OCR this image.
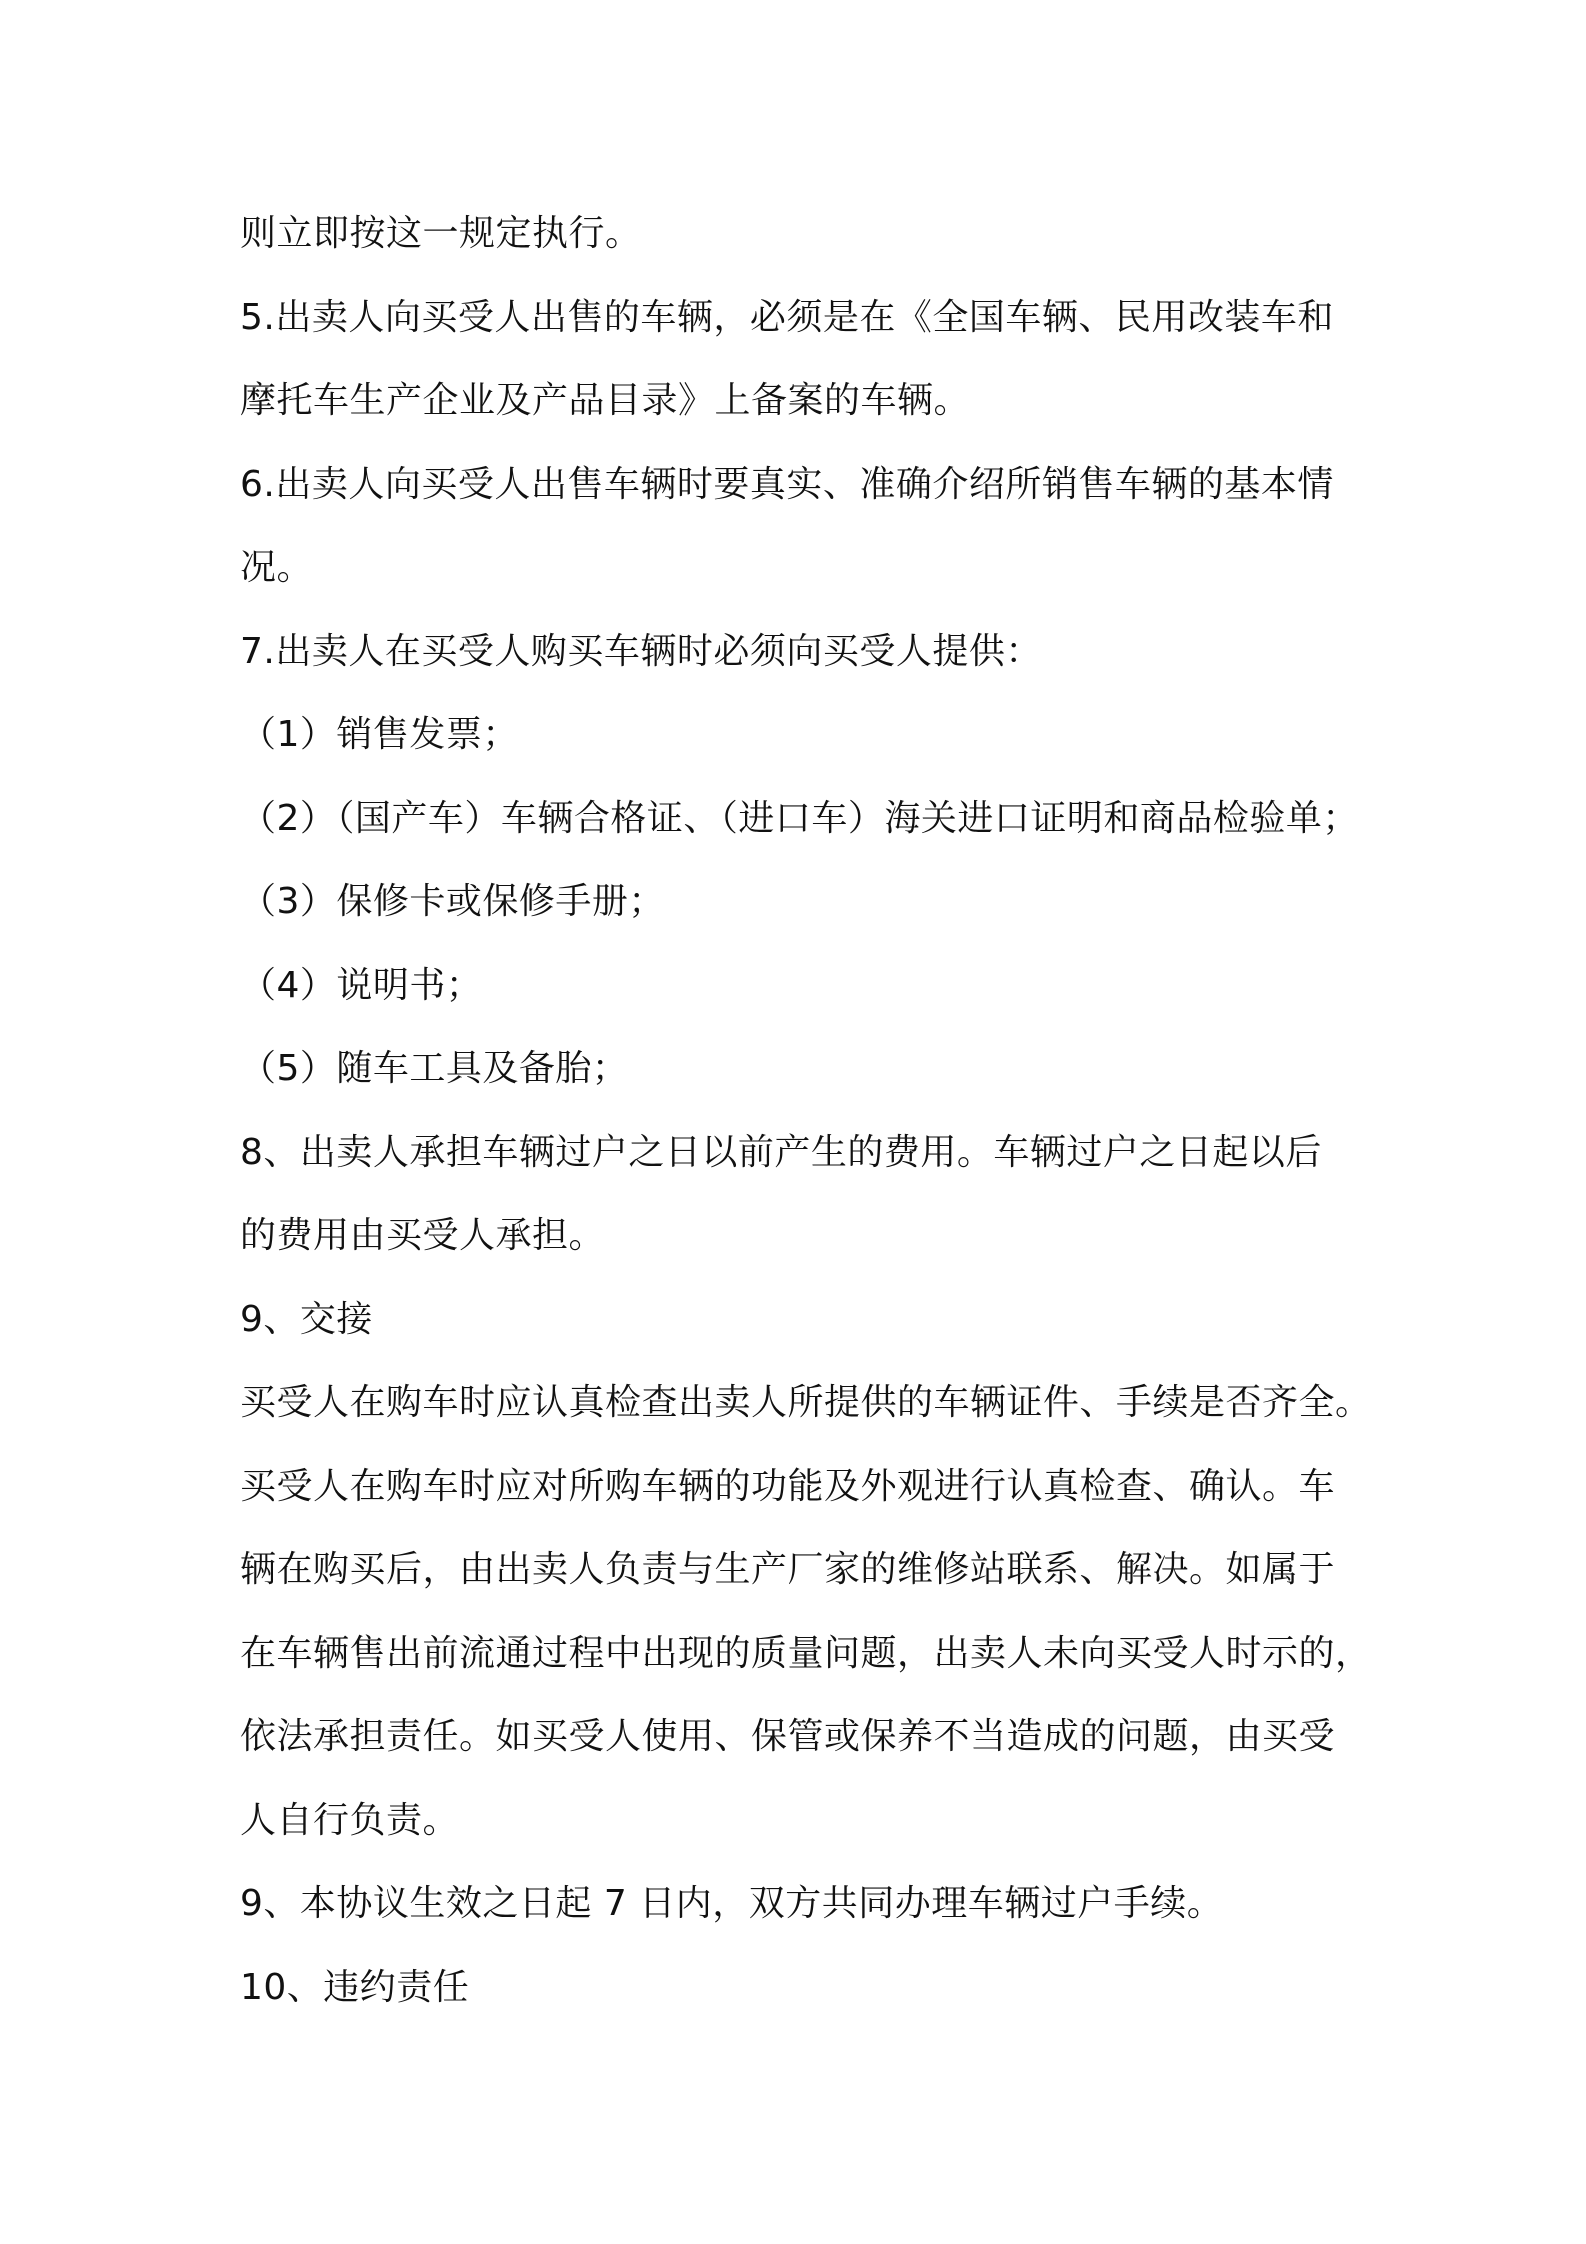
则立即按这一规定执行。

5.出卖人向买受人出售的车辆，必须是在《全国车辆、民用改装车和

摩托车生产企业及产品目录》上备案的车辆。

6.出卖人向买受人出售车辆时要真实、准确介绍所销售车辆的基本情

况。

7.出卖人在买受人购买车辆时必须向买受人提供：

（1）销售发票；

（2）（国产车）车辆合格证、（进口车）海关进口证明和商品检验单；

（3）保修卡或保修手册；

（4）说明书；

（5）随车工具及备胎；

8、出卖人承担车辆过户之日以前产生的费用。车辆过户之日起以后

的费用由买受人承担。

9、交接

买受人在购车时应认真检查出卖人所提供的车辆证件、手续是否齐全。

买受人在购车时应对所购车辆的功能及外观进行认真检查、确认。车

辆在购买后，由出卖人负责与生产厂家的维修站联系、解决。如属于

在车辆售出前流通过程中出现的质量问题，出卖人未向买受人时示的，

依法承担责任。如买受人使用、保管或保养不当造成的问题，由买受

人自行负责。

9、本协议生效之日起 7 日内，双方共同办理车辆过户手续。

10、违约责任
